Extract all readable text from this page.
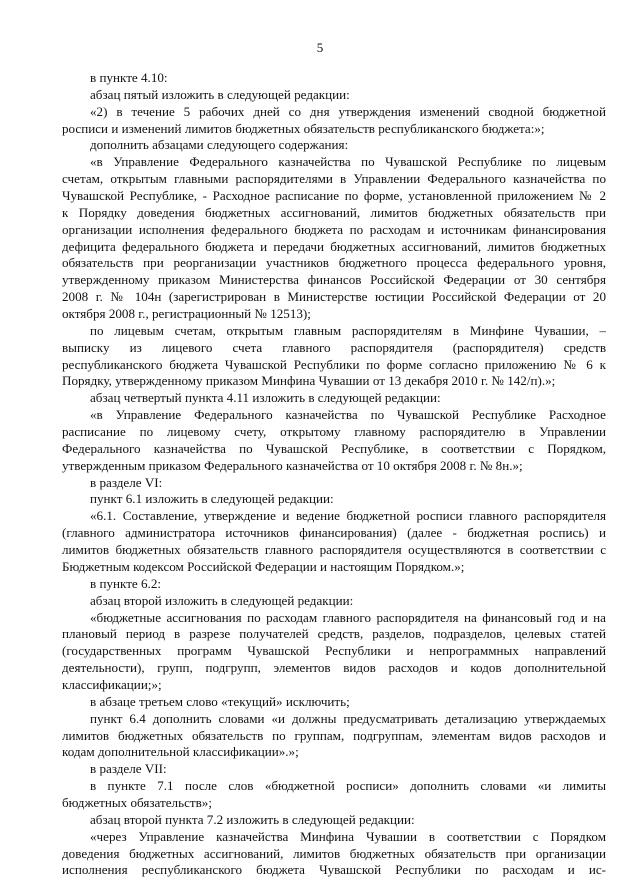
5
в пункте 4.10:
абзац пятый изложить в следующей редакции:
«2) в течение 5 рабочих дней со дня утверждения изменений сводной бюджетной
росписи и изменений лимитов бюджетных обязательств республиканского бюджета:»;
дополнить абзацами следующего содержания:
«в Управление Федерального казначейства по Чувашской Республике по лицевым
счетам, открытым главными распорядителями в Управлении Федерального казначейства по
Чувашской Республике, - Расходное расписание по форме, установленной приложением № 2
к Порядку доведения бюджетных ассигнований, лимитов бюджетных обязательств при
организации исполнения федерального бюджета по расходам и источникам финансирования
дефицита федерального бюджета и передачи бюджетных ассигнований, лимитов бюджетных
обязательств при реорганизации участников бюджетного процесса федерального уровня,
утвержденному приказом Министерства финансов Российской Федерации от 30 сентября
2008 г. № 104н (зарегистрирован в Министерстве юстиции Российской Федерации от 20
октября 2008 г., регистрационный № 12513);
по лицевым счетам, открытым главным распорядителям в Минфине Чувашии, –
выписку из лицевого счета главного распорядителя (распорядителя) средств
республиканского бюджета Чувашской Республики по форме согласно приложению № 6 к
Порядку, утвержденному приказом Минфина Чувашии от 13 декабря 2010 г. № 142/п).»;
абзац четвертый пункта 4.11 изложить в следующей редакции:
«в Управление Федерального казначейства по Чувашской Республике Расходное
расписание по лицевому счету, открытому главному распорядителю в Управлении
Федерального казначейства по Чувашской Республике, в соответствии с Порядком,
утвержденным приказом Федерального казначейства от 10 октября 2008 г. № 8н.»;
в разделе VI:
пункт 6.1 изложить в следующей редакции:
«6.1. Составление, утверждение и ведение бюджетной росписи главного распорядителя
(главного администратора источников финансирования) (далее - бюджетная роспись) и
лимитов бюджетных обязательств главного распорядителя осуществляются в соответствии с
Бюджетным кодексом Российской Федерации и настоящим Порядком.»;
в пункте 6.2:
абзац второй изложить в следующей редакции:
«бюджетные ассигнования по расходам главного распорядителя на финансовый год и на
плановый период в разрезе получателей средств, разделов, подразделов, целевых статей
(государственных программ Чувашской Республики и непрограммных направлений
деятельности), групп, подгрупп, элементов видов расходов и кодов дополнительной
классификации;»;
в абзаце третьем слово «текущий» исключить;
пункт 6.4 дополнить словами «и должны предусматривать детализацию утверждаемых
лимитов бюджетных обязательств по группам, подгруппам, элементам видов расходов и
кодам дополнительной классификации».»;
в разделе VII:
в пункте 7.1 после слов «бюджетной росписи» дополнить словами «и лимиты
бюджетных обязательств»;
абзац второй пункта 7.2 изложить в следующей редакции:
«через Управление казначейства Минфина Чувашии в соответствии с Порядком
доведения бюджетных ассигнований, лимитов бюджетных обязательств при организации
исполнения республиканского бюджета Чувашской Республики по расходам и ис-
